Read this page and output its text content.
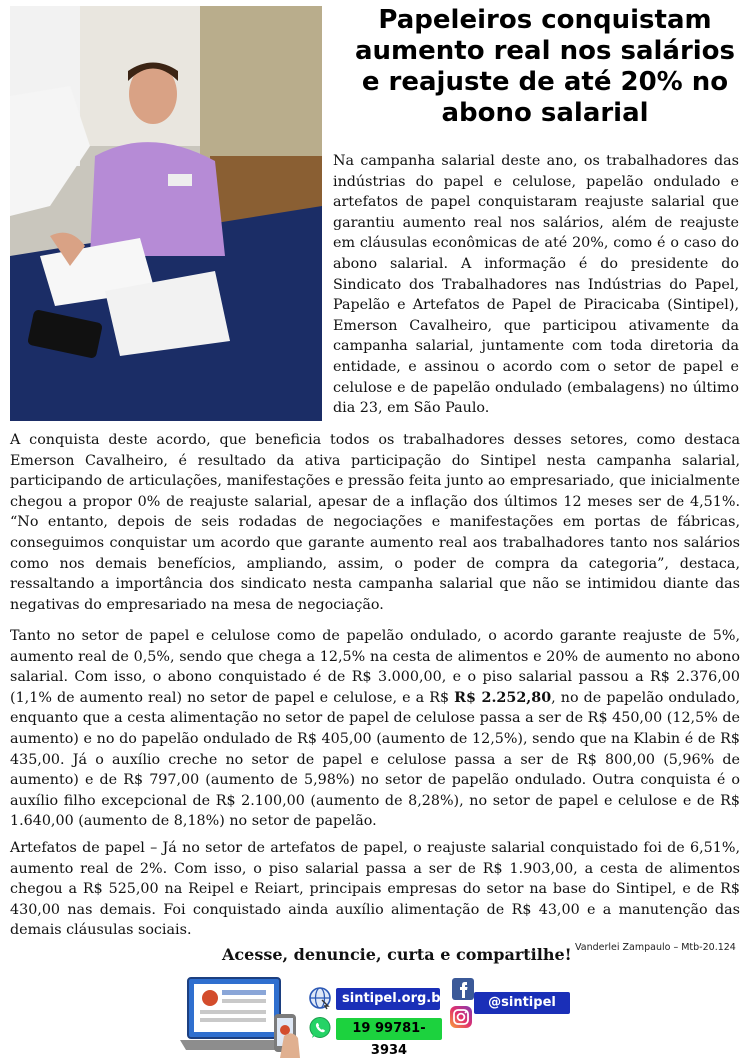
Papeleiros conquistam aumento real nos salários e reajuste de até 20% no abono salarial

Na campanha salarial deste ano, os trabalhadores das indústrias do papel e celulose, papelão ondulado e artefatos de papel conquistaram reajuste salarial que garantiu aumento real nos salários, além de reajuste em cláusulas econômicas de até 20%, como é o caso do abono salarial. A informação é do presidente do Sindicato dos Trabalhadores nas Indústrias do Papel, Papelão e Artefatos de Papel de Piracicaba (Sintipel), Emerson Cavalheiro, que participou ativamente da campanha salarial, juntamente com toda diretoria da entidade, e assinou o acordo com o setor de papel e celulose e de papelão ondulado (embalagens) no último dia 23, em São Paulo.

A conquista deste acordo, que beneficia todos os trabalhadores desses setores, como destaca Emerson Cavalheiro, é resultado da ativa participação do Sintipel nesta campanha salarial, participando de articulações, manifestações e pressão feita junto ao empresariado, que inicialmente chegou a propor 0% de reajuste salarial, apesar de a inflação dos últimos 12 meses ser de 4,51%. “No entanto, depois de seis rodadas de negociações e manifestações em portas de fábricas, conseguimos conquistar um acordo que garante aumento real aos trabalhadores tanto nos salários como nos demais benefícios, ampliando, assim, o poder de compra da categoria”, destaca, ressaltando a importância dos sindicato nesta campanha salarial que não se intimidou diante das negativas do empresariado na mesa de negociação.

Tanto no setor de papel e celulose como de papelão ondulado, o acordo garante reajuste de 5%, aumento real de 0,5%, sendo que chega a 12,5% na cesta de alimentos e 20% de aumento no abono salarial. Com isso, o abono conquistado é de R$ 3.000,00, e o piso salarial passou a R$ 2.376,00 (1,1% de aumento real) no setor de papel e celulose, e a R$ R$ 2.252,80, no de papelão ondulado, enquanto que a cesta alimentação no setor de papel de celulose passa a ser de R$ 450,00 (12,5% de aumento) e no do papelão ondulado de R$ 405,00 (aumento de 12,5%), sendo que na Klabin é de R$ 435,00. Já o auxílio creche no setor de papel e celulose passa a ser de R$ 800,00 (5,96% de aumento) e de R$ 797,00 (aumento de 5,98%) no setor de papelão ondulado. Outra conquista é o auxílio filho excepcional de R$ 2.100,00 (aumento de 8,28%), no setor de papel e celulose e de R$ 1.640,00 (aumento de 8,18%) no setor de papelão.

Artefatos de papel – Já no setor de artefatos de papel, o reajuste salarial conquistado foi de 6,51%, aumento real de 2%. Com isso, o piso salarial passa a ser de R$ 1.903,00, a cesta de alimentos chegou a R$ 525,00 na Reipel e Reiart, principais empresas do setor na base do Sintipel, e de R$ 430,00 nas demais. Foi conquistado ainda auxílio alimentação de R$ 43,00 e a manutenção das demais cláusulas sociais.

Vanderlei Zampaulo – Mtb-20.124

Acesse, denuncie, curta e compartilhe!

sintipel.org.br	@sintipel
19 99781-3934
